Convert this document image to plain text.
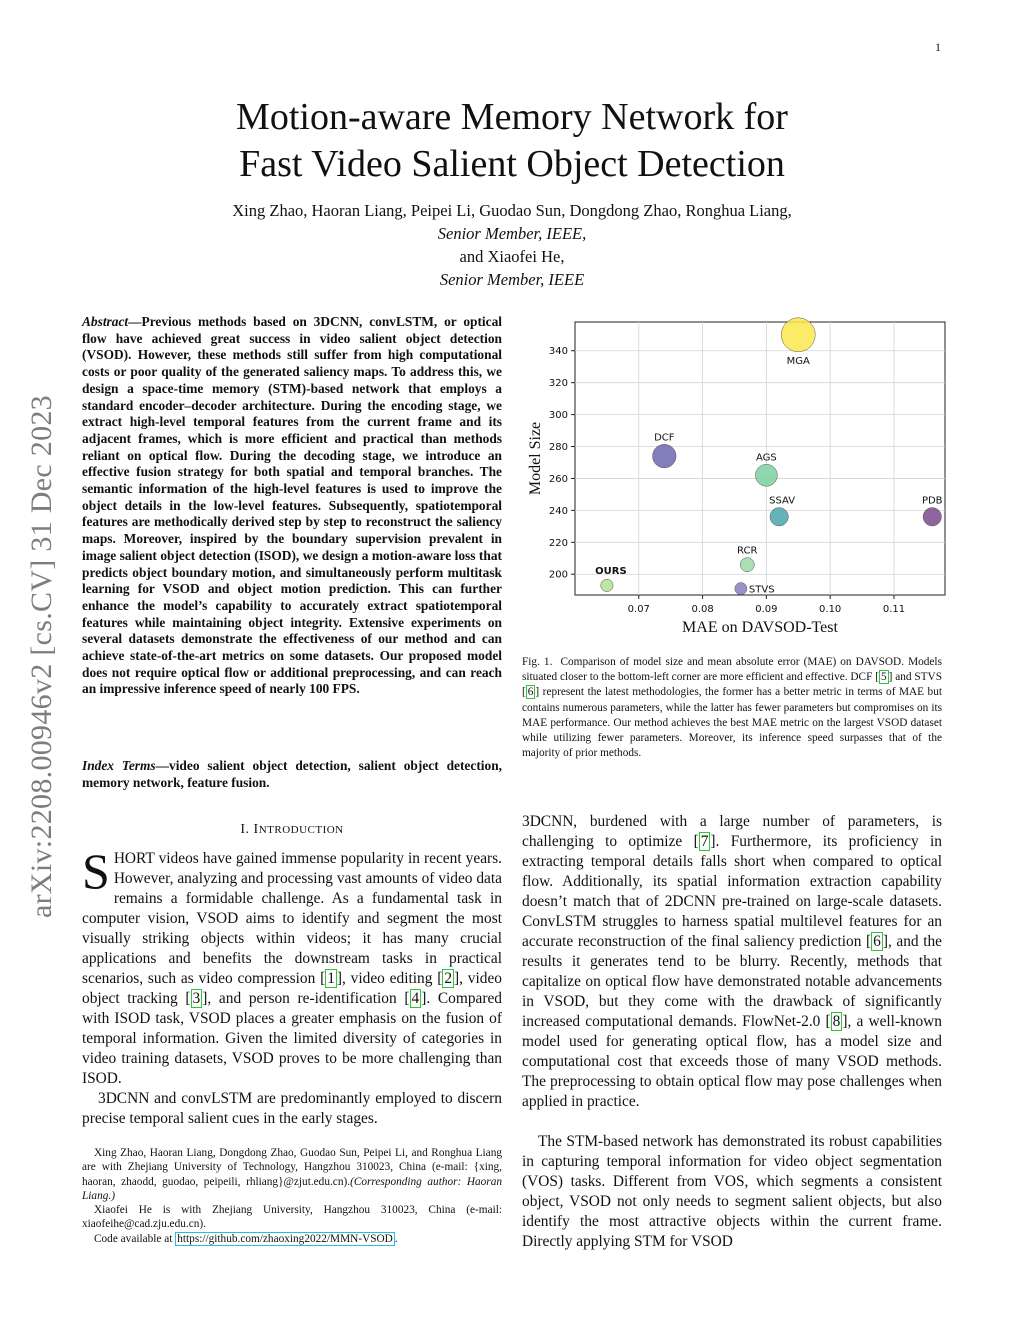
1
arXiv:2208.00946v2 [cs.CV] 31 Dec 2023
Motion-aware Memory Network for
Fast Video Salient Object Detection
Xing Zhao, Haoran Liang, Peipei Li, Guodao Sun, Dongdong Zhao, Ronghua Liang,
Senior Member, IEEE,
and Xiaofei He,
Senior Member, IEEE
Abstract—Previous methods based on 3DCNN, convLSTM, or optical flow have achieved great success in video salient object detection (VSOD). However, these methods still suffer from high computational costs or poor quality of the generated saliency maps. To address this, we design a space-time memory (STM)-based network that employs a standard encoder–decoder architecture. During the encoding stage, we extract high-level temporal features from the current frame and its adjacent frames, which is more efficient and practical than methods reliant on optical flow. During the decoding stage, we introduce an effective fusion strategy for both spatial and temporal branches. The semantic information of the high-level features is used to improve the object details in the low-level features. Subsequently, spatiotemporal features are methodically derived step by step to reconstruct the saliency maps. Moreover, inspired by the boundary supervision prevalent in image salient object detection (ISOD), we design a motion-aware loss that predicts object boundary motion, and simultaneously perform multitask learning for VSOD and object motion prediction. This can further enhance the model’s capability to accurately extract spatiotemporal features while maintaining object integrity. Extensive experiments on several datasets demonstrate the effectiveness of our method and can achieve state-of-the-art metrics on some datasets. Our proposed model does not require optical flow or additional preprocessing, and can reach an impressive inference speed of nearly 100 FPS.
Index Terms—video salient object detection, salient object detection, memory network, feature fusion.
I. INTRODUCTION
SHORT videos have gained immense popularity in recent years. However, analyzing and processing vast amounts of video data remains a formidable challenge. As a fundamental task in computer vision, VSOD aims to identify and segment the most visually striking objects within videos; it has many crucial applications and benefits the downstream tasks in practical scenarios, such as video compression [ 1 ], video editing [ 2 ], video object tracking [ 3 ], and person re-identification [ 4 ]. Compared with ISOD task, VSOD places a greater emphasis on the fusion of temporal information. Given the limited diversity of categories in video training datasets, VSOD proves to be more challenging than ISOD.
3DCNN and convLSTM are predominantly employed to discern precise temporal salient cues in the early stages.

Xing Zhao, Haoran Liang, Dongdong Zhao, Guodao Sun, Peipei Li, and Ronghua Liang are with Zhejiang University of Technology, Hangzhou 310023, China (e-mail: {xing, haoran, zhaodd, guodao, peipeili, rhliang}@zjut.edu.cn).(Corresponding author: Haoran Liang.)

Xiaofei He is with Zhejiang University, Hangzhou 310023, China (e-mail: xiaofeihe@cad.zju.edu.cn).

Code available at https://github.com/zhaoxing2022/MMN-VSOD .

0.07	0.08	0.09	0.10	0.11
200
220
240
260
280
300
320
340
OURS
DCF
MGA
AGS
SSAV
RCR
STVS
PDB
MAE on DAVSOD-Test
Model Size
Fig. 1. Comparison of model size and mean absolute error (MAE) on DAVSOD. Models situated closer to the bottom-left corner are more efficient and effective. DCF [ 5 ] and STVS [ 6 ] represent the latest methodologies, the former has a better metric in terms of MAE but contains numerous parameters, while the latter has fewer parameters but compromises on its MAE performance. Our method achieves the best MAE metric on the largest VSOD dataset while utilizing fewer parameters. Moreover, its inference speed surpasses that of the majority of prior methods.
3DCNN, burdened with a large number of parameters, is challenging to optimize [ 7 ]. Furthermore, its proficiency in extracting temporal details falls short when compared to optical flow. Additionally, its spatial information extraction capability doesn’t match that of 2DCNN pre-trained on large-scale datasets. ConvLSTM struggles to harness spatial multilevel features for an accurate reconstruction of the final saliency prediction [ 6 ], and the results it generates tend to be blurry. Recently, methods that capitalize on optical flow have demonstrated notable advancements in VSOD, but they come with the drawback of significantly increased computational demands. FlowNet-2.0 [ 8 ], a well-known model used for generating optical flow, has a model size and computational cost that exceeds those of many VSOD methods. The preprocessing to obtain optical flow may pose challenges when applied in practice.
The STM-based network has demonstrated its robust capabilities in capturing temporal information for video object segmentation (VOS) tasks. Different from VOS, which segments a consistent object, VSOD not only needs to segment salient objects, but also identify the most attractive objects within the current frame. Directly applying STM for VSOD
